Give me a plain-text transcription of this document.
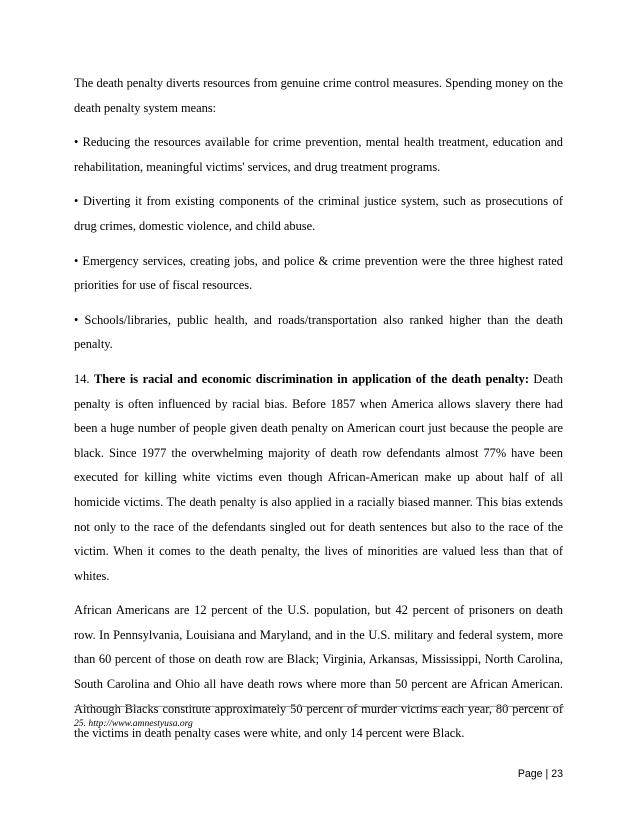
The death penalty diverts resources from genuine crime control measures. Spending money on the death penalty system means:

• Reducing the resources available for crime prevention, mental health treatment, education and rehabilitation, meaningful victims' services, and drug treatment programs.

• Diverting it from existing components of the criminal justice system, such as prosecutions of drug crimes, domestic violence, and child abuse.

• Emergency services, creating jobs, and police & crime prevention were the three highest rated priorities for use of fiscal resources.

• Schools/libraries, public health, and roads/transportation also ranked higher than the death penalty.

14. There is racial and economic discrimination in application of the death penalty: Death penalty is often influenced by racial bias. Before 1857 when America allows slavery there had been a huge number of people given death penalty on American court just because the people are black. Since 1977 the overwhelming majority of death row defendants almost 77% have been executed for killing white victims even though African-American make up about half of all homicide victims. The death penalty is also applied in a racially biased manner. This bias extends not only to the race of the defendants singled out for death sentences but also to the race of the victim. When it comes to the death penalty, the lives of minorities are valued less than that of whites.

African Americans are 12 percent of the U.S. population, but 42 percent of prisoners on death row. In Pennsylvania, Louisiana and Maryland, and in the U.S. military and federal system, more than 60 percent of those on death row are Black; Virginia, Arkansas, Mississippi, North Carolina, South Carolina and Ohio all have death rows where more than 50 percent are African American. Although Blacks constitute approximately 50 percent of murder victims each year, 80 percent of the victims in death penalty cases were white, and only 14 percent were Black.

25. http://www.amnestyusa.org
Page | 23
